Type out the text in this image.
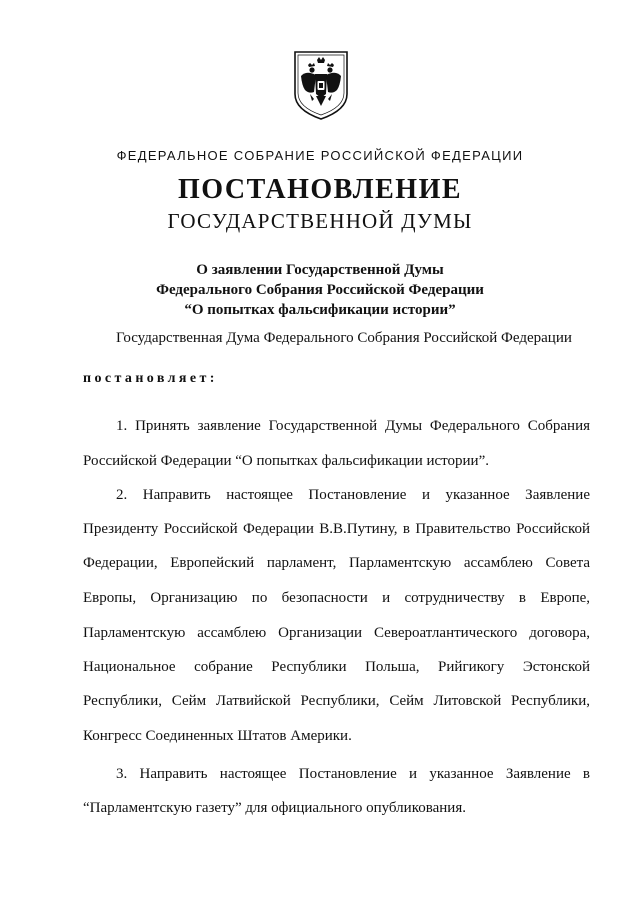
ФЕДЕРАЛЬНОЕ СОБРАНИЕ РОССИЙСКОЙ ФЕДЕРАЦИИ
ПОСТАНОВЛЕНИЕ
ГОСУДАРСТВЕННОЙ ДУМЫ
О заявлении Государственной Думы
Федерального Собрания Российской Федерации
“О попытках фальсификации истории”
Государственная Дума Федерального Собрания Российской Федерации
постановляет:
1. Принять заявление Государственной Думы Федерального Собрания
Российской Федерации “О попытках фальсификации истории”.
2. Направить настоящее Постановление и указанное Заявление
Президенту Российской Федерации В.В.Путину, в Правительство Российской
Федерации, Европейский парламент, Парламентскую ассамблею Совета
Европы, Организацию по безопасности и сотрудничеству в Европе,
Парламентскую ассамблею Организации Североатлантического договора,
Национальное собрание Республики Польша, Рийгикогу Эстонской
Республики, Сейм Латвийской Республики, Сейм Литовской Республики,
Конгресс Соединенных Штатов Америки.
3. Направить настоящее Постановление и указанное Заявление в
“Парламентскую газету” для официального опубликования.
